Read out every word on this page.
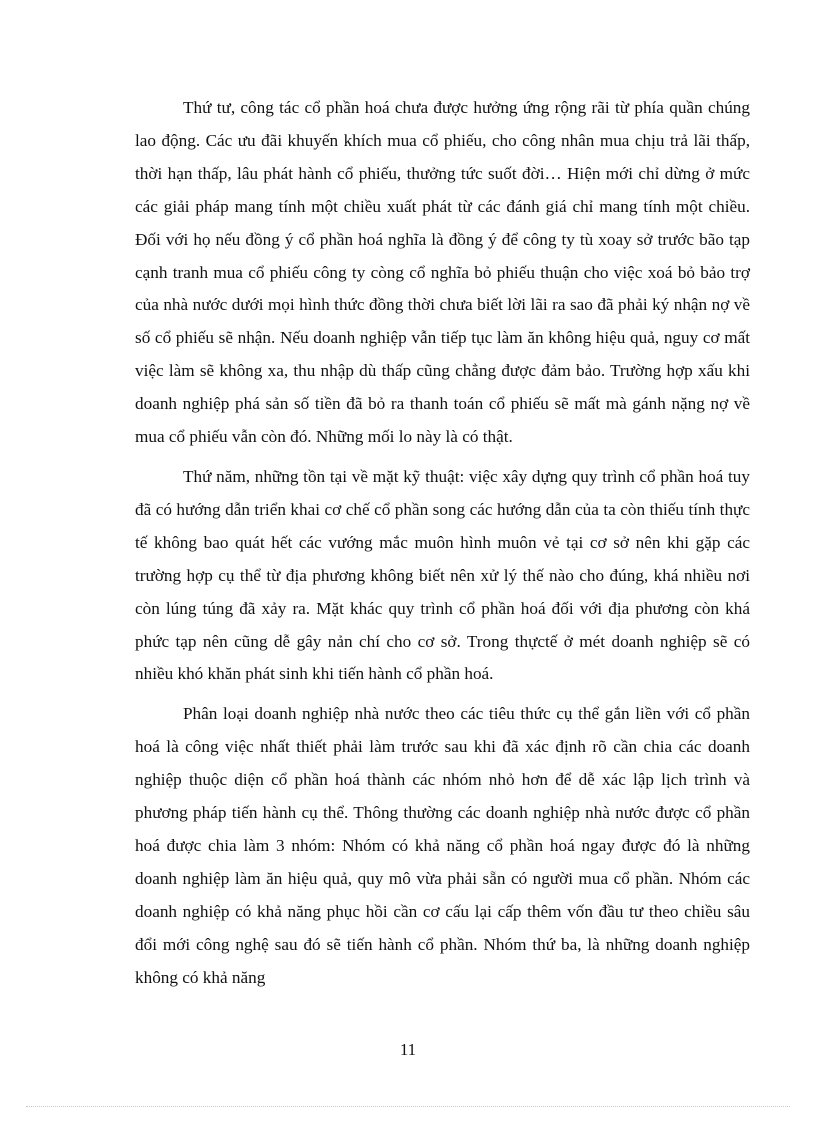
Thứ tư, công tác cổ phần hoá chưa được hưởng ứng rộng rãi từ phía quần chúng lao động. Các ưu đãi khuyến khích mua cổ phiếu, cho công nhân mua chịu trả lãi thấp, thời hạn thấp, lâu phát hành cổ phiếu, thưởng tức suốt đời… Hiện mới chỉ dừng ở mức các giải pháp mang tính một chiều xuất phát từ các đánh giá chỉ mang tính một chiều. Đối với họ nếu đồng ý cổ phần hoá nghĩa là đồng ý để công ty tù xoay sở trước bão tạp cạnh tranh mua cổ phiếu công ty còng cổ nghĩa bỏ phiếu thuận cho việc xoá bỏ bảo trợ của nhà nước dưới mọi hình thức đồng thời chưa biết lời lãi ra sao đã phải ký nhận nợ về số cổ phiếu sẽ nhận. Nếu doanh nghiệp vẫn tiếp tục làm ăn không hiệu quả, nguy cơ mất việc làm sẽ không xa, thu nhập dù thấp cũng chẳng được đảm bảo. Trường hợp xấu khi doanh nghiệp phá sản số tiền đã bỏ ra thanh toán cổ phiếu sẽ mất mà gánh nặng nợ về mua cổ phiếu vẫn còn đó. Những mối lo này là có thật.

Thứ năm, những tồn tại về mặt kỹ thuật: việc xây dựng quy trình cổ phần hoá tuy đã có hướng dẫn triển khai cơ chế cổ phần song các hướng dẫn của ta còn thiếu tính thực tế không bao quát hết các vướng mắc muôn hình muôn vẻ tại cơ sở nên khi gặp các trường hợp cụ thể từ địa phương không biết nên xử lý thế nào cho đúng, khá nhiều nơi còn lúng túng đã xảy ra. Mặt khác quy trình cổ phần hoá đối với địa phương còn khá phức tạp nên cũng dễ gây nản chí cho cơ sở. Trong thựctế ở mét doanh nghiệp sẽ có nhiều khó khăn phát sinh khi tiến hành cổ phần hoá.

Phân loại doanh nghiệp nhà nước theo các tiêu thức cụ thể gắn liền với cổ phần hoá là công việc nhất thiết phải làm trước sau khi đã xác định rõ cần chia các doanh nghiệp thuộc diện cổ phần hoá thành các nhóm nhỏ hơn để dễ xác lập lịch trình và phương pháp tiến hành cụ thể. Thông thường các doanh nghiệp nhà nước được cổ phần hoá được chia làm 3 nhóm: Nhóm có khả năng cổ phần hoá ngay được đó là những doanh nghiệp làm ăn hiệu quả, quy mô vừa phải sẵn có người mua cổ phần. Nhóm các doanh nghiệp có khả năng phục hồi cần cơ cấu lại cấp thêm vốn đầu tư theo chiều sâu đổi mới công nghệ sau đó sẽ tiến hành cổ phần. Nhóm thứ ba, là những doanh nghiệp không có khả năng

11
